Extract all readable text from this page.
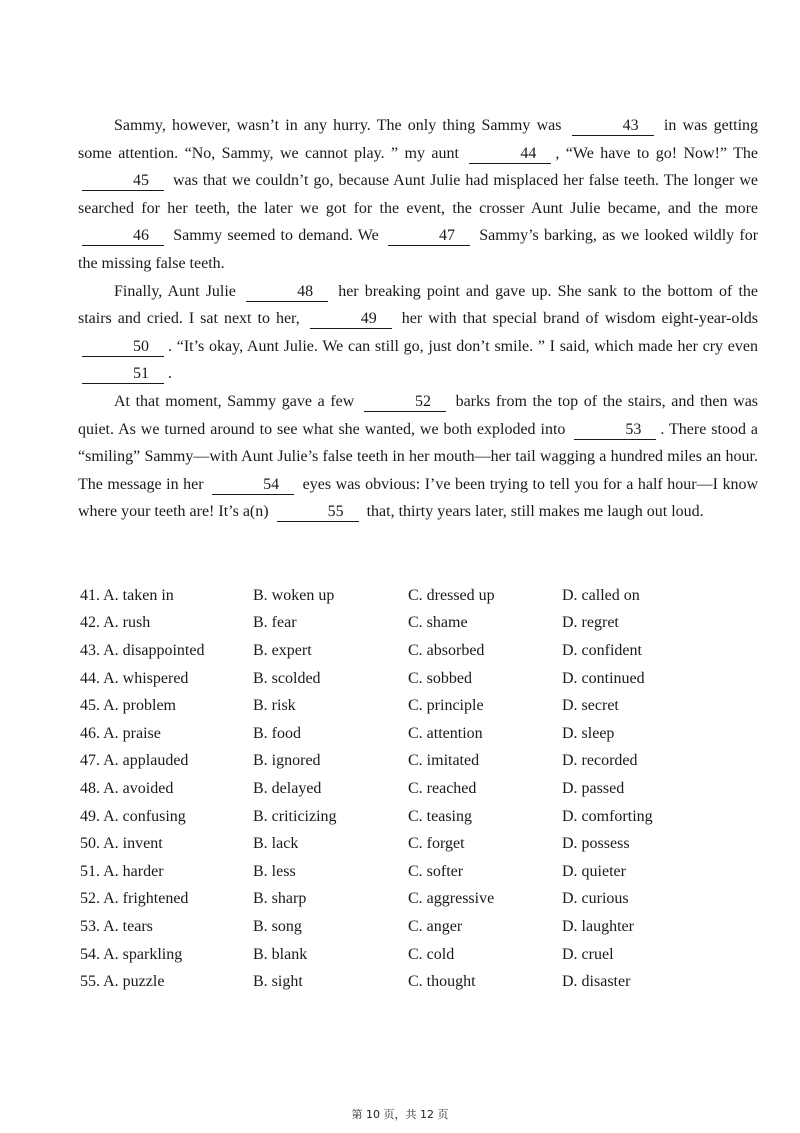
Sammy, however, wasn’t in any hurry. The only thing Sammy was	43 in was getting some attention. “No, Sammy, we cannot play. ” my aunt	44 , “We have to go! Now!” The 45 was that we couldn’t go, because Aunt Julie had misplaced her false teeth. The longer we searched for her teeth, the later we got for the event, the crosser Aunt Julie became, and the more 46 Sammy seemed to demand. We	47 Sammy’s barking, as we looked wildly for the missing false teeth.

Finally, Aunt Julie	48 her breaking point and gave up. She sank to the bottom of the stairs and cried. I sat next to her,	49 her with that special brand of wisdom eight-year-olds 50 . “It’s okay, Aunt Julie. We can still go, just don’t smile. ” I said, which made her cry even 51 .

At that moment, Sammy gave a few	52 barks from the top of the stairs, and then was quiet. As we turned around to see what she wanted, we both exploded into	53 . There stood a “smiling” Sammy—with Aunt Julie’s false teeth in her mouth—her tail wagging a hundred miles an hour. The message in her	54 eyes was obvious: I’ve been trying to tell you for a half hour—I know where your teeth are! It’s a(n)	55 that, thirty years later, still makes me laugh out loud.

41. A. taken in	B. woken up	C. dressed up	D. called on
42. A. rush	B. fear	C. shame	D. regret
43. A. disappointed	B. expert	C. absorbed	D. confident
44. A. whispered	B. scolded	C. sobbed	D. continued
45. A. problem	B. risk	C. principle	D. secret
46. A. praise	B. food	C. attention	D. sleep
47. A. applauded	B. ignored	C. imitated	D. recorded
48. A. avoided	B. delayed	C. reached	D. passed
49. A. confusing	B. criticizing	C. teasing	D. comforting
50. A. invent	B. lack	C. forget	D. possess
51. A. harder	B. less	C. softer	D. quieter
52. A. frightened	B. sharp	C. aggressive	D. curious
53. A. tears	B. song	C. anger	D. laughter
54. A. sparkling	B. blank	C. cold	D. cruel
55. A. puzzle	B. sight	C. thought	D. disaster
第 10 页，共 12 页
